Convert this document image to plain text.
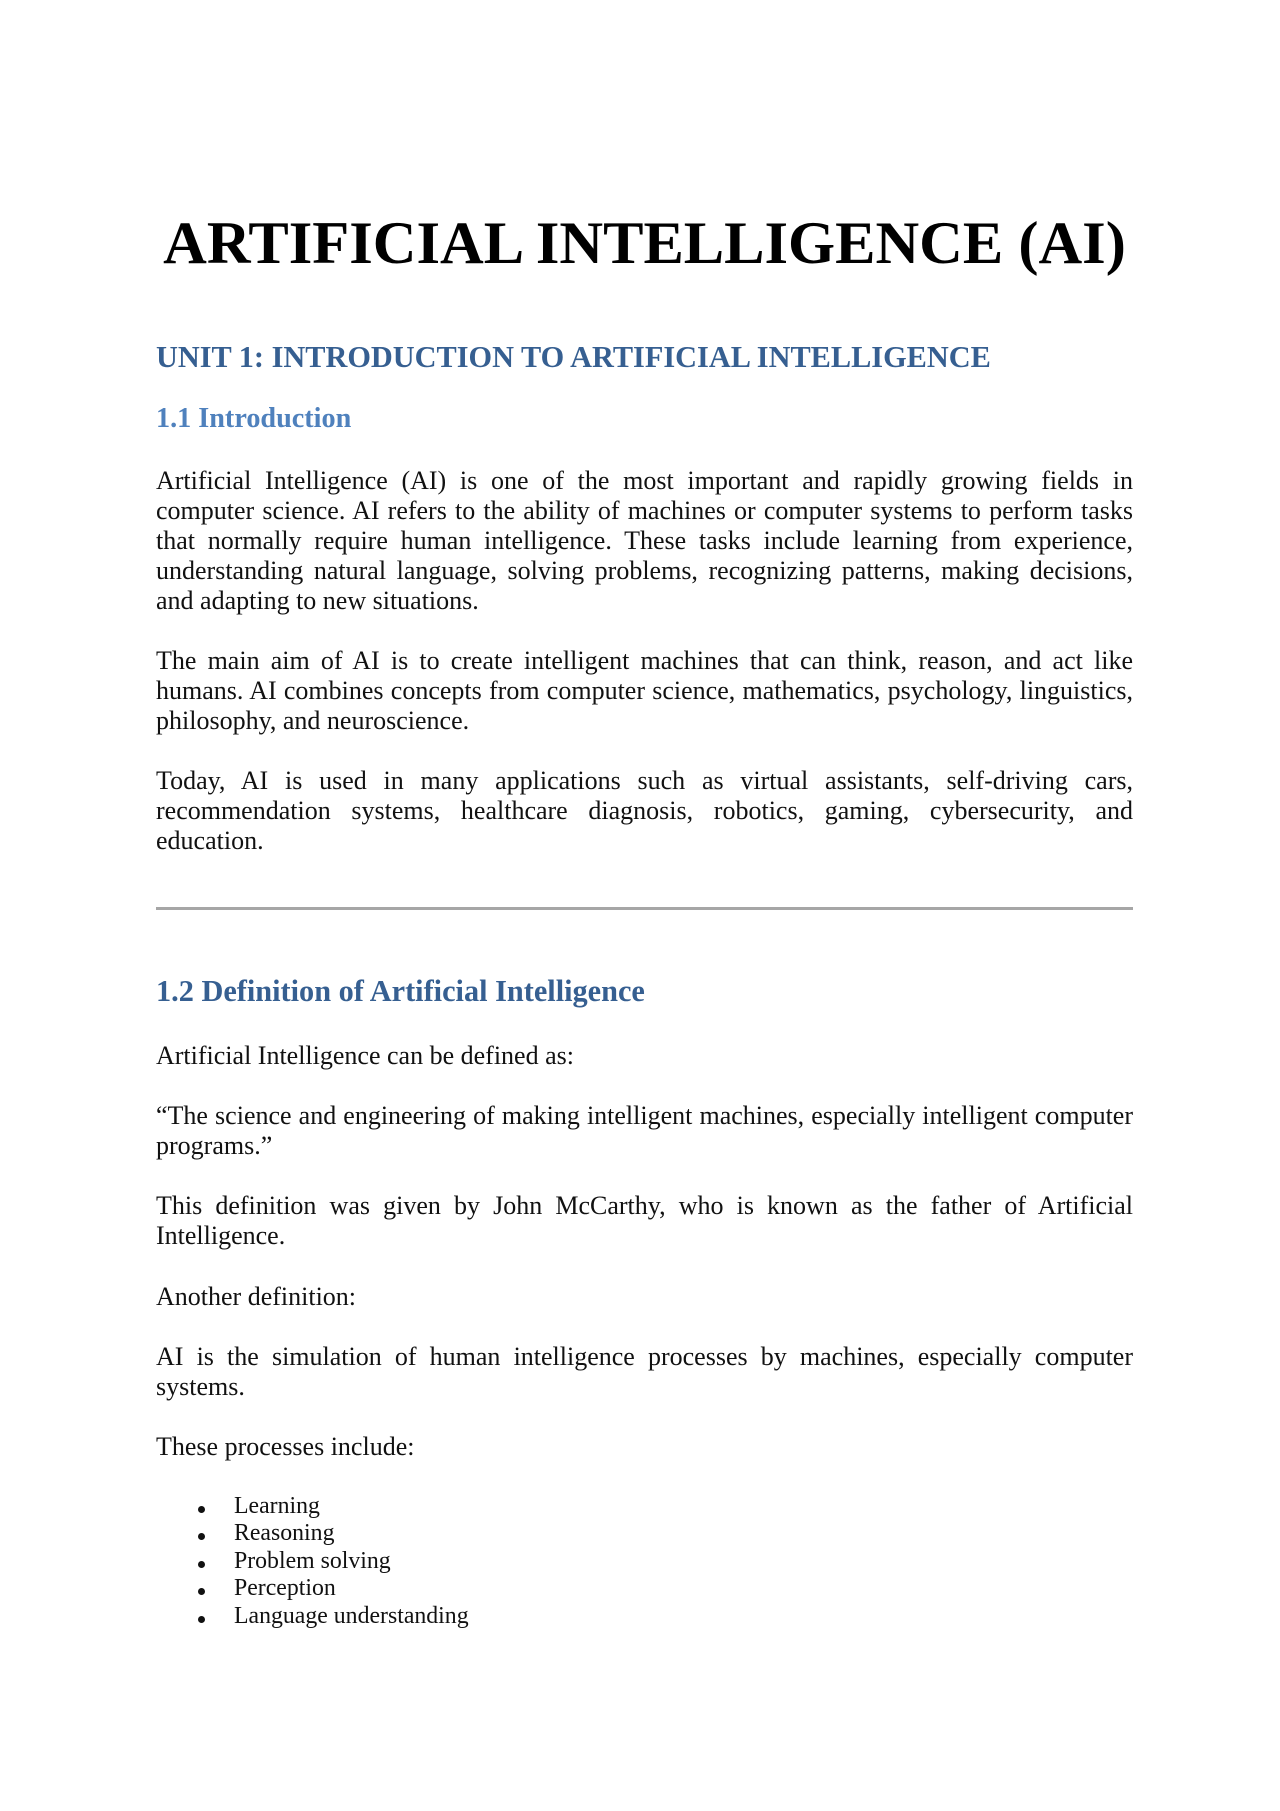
ARTIFICIAL INTELLIGENCE (AI)
UNIT 1: INTRODUCTION TO ARTIFICIAL INTELLIGENCE
1.1 Introduction

Artificial Intelligence (AI) is one of the most important and rapidly growing fields in computer science. AI refers to the ability of machines or computer systems to perform tasks that normally require human intelligence. These tasks include learning from experience, understanding natural language, solving problems, recognizing patterns, making decisions, and adapting to new situations.

The main aim of AI is to create intelligent machines that can think, reason, and act like humans. AI combines concepts from computer science, mathematics, psychology, linguistics, philosophy, and neuroscience.

Today, AI is used in many applications such as virtual assistants, self-driving cars, recommendation systems, healthcare diagnosis, robotics, gaming, cybersecurity, and education.

1.2 Definition of Artificial Intelligence

Artificial Intelligence can be defined as:

“The science and engineering of making intelligent machines, especially intelligent computer programs.”

This definition was given by John McCarthy, who is known as the father of Artificial Intelligence.

Another definition:

AI is the simulation of human intelligence processes by machines, especially computer systems.

These processes include:

Learning
Reasoning
Problem solving
Perception
Language understanding
